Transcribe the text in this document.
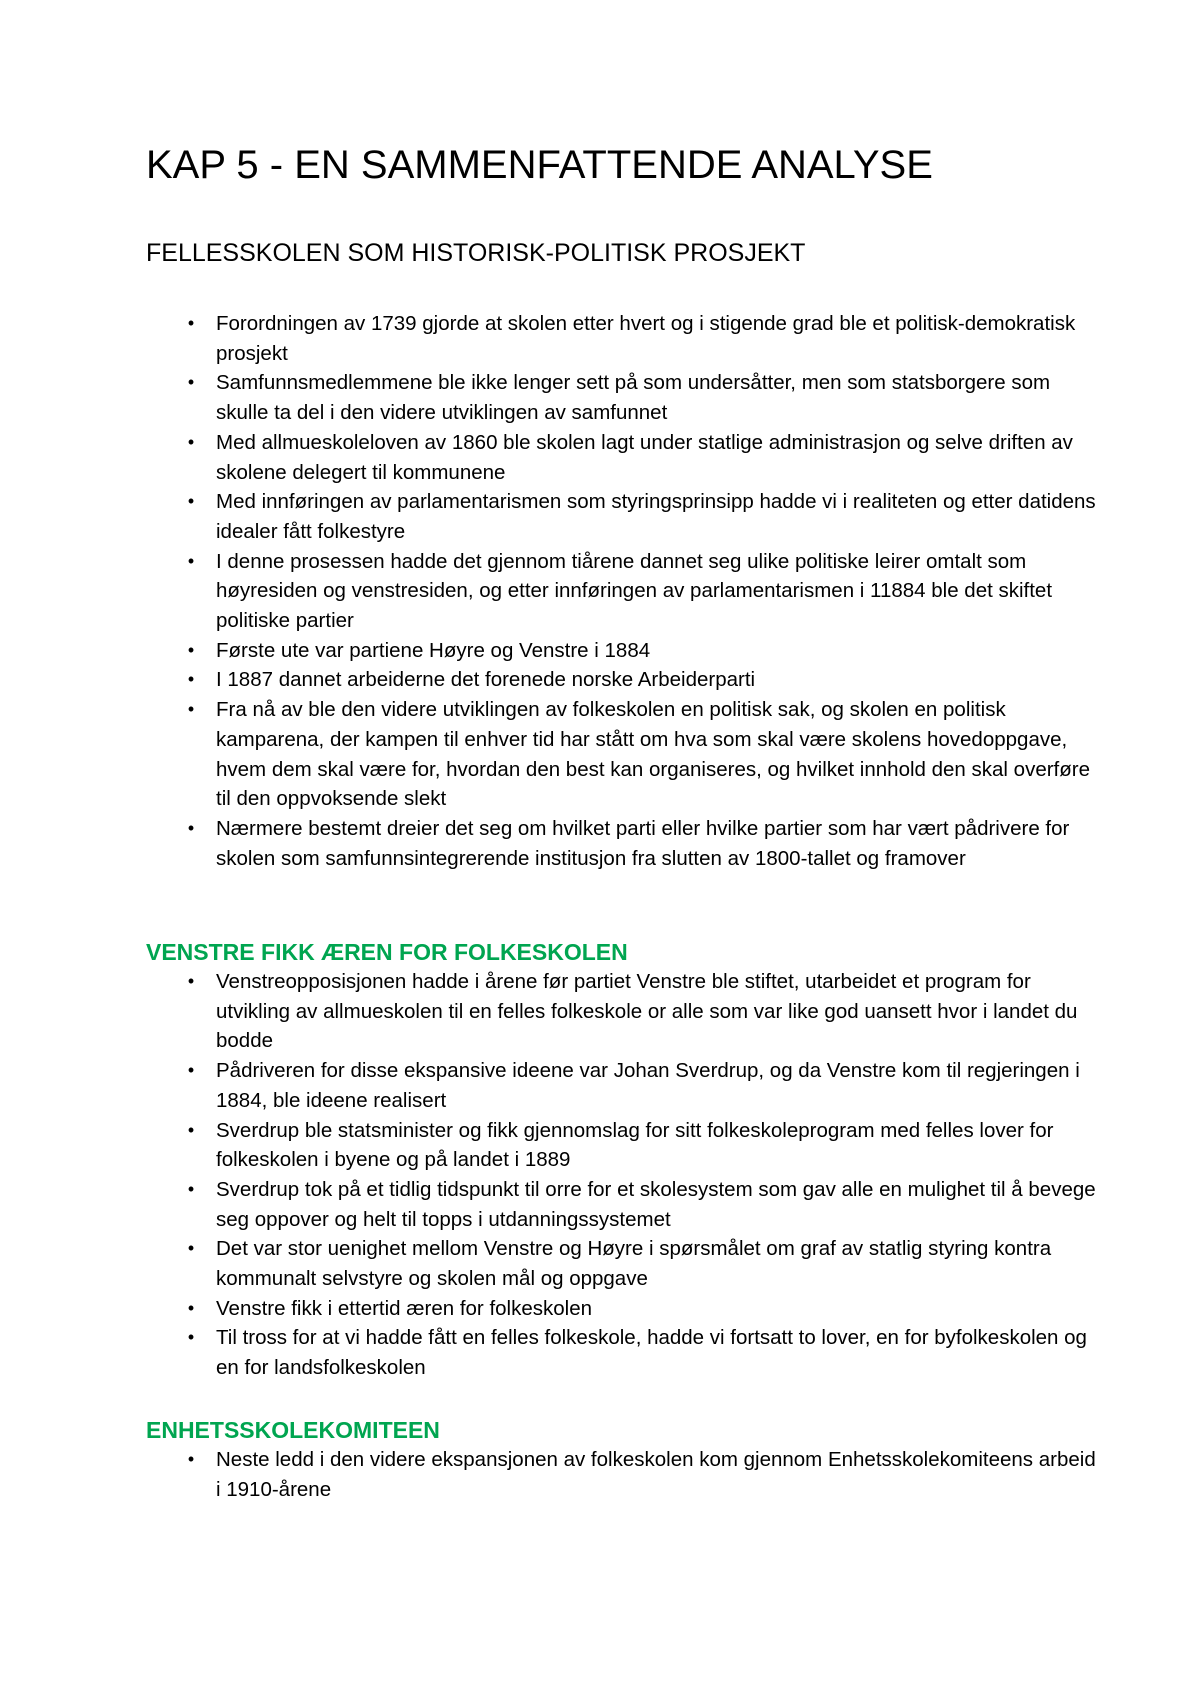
KAP 5 - EN SAMMENFATTENDE ANALYSE
FELLESSKOLEN SOM HISTORISK-POLITISK PROSJEKT
• Forordningen av 1739 gjorde at skolen etter hvert og i stigende grad ble et politisk-demokratisk prosjekt
• Samfunnsmedlemmene ble ikke lenger sett på som undersåtter, men som statsborgere som skulle ta del i den videre utviklingen av samfunnet
• Med allmueskoleloven av 1860 ble skolen lagt under statlige administrasjon og selve driften av skolene delegert til kommunene
• Med innføringen av parlamentarismen som styringsprinsipp hadde vi i realiteten og etter datidens idealer fått folkestyre
• I denne prosessen hadde det gjennom tiårene dannet seg ulike politiske leirer omtalt som høyresiden og venstresiden, og etter innføringen av parlamentarismen i 11884 ble det skiftet politiske partier
• Første ute var partiene Høyre og Venstre i 1884
• I 1887 dannet arbeiderne det forenede norske Arbeiderparti
• Fra nå av ble den videre utviklingen av folkeskolen en politisk sak, og skolen en politisk kamparena, der kampen til enhver tid har stått om hva som skal være skolens hovedoppgave, hvem dem skal være for, hvordan den best kan organiseres, og hvilket innhold den skal overføre til den oppvoksende slekt
• Nærmere bestemt dreier det seg om hvilket parti eller hvilke partier som har vært pådrivere for skolen som samfunnsintegrerende institusjon fra slutten av 1800-tallet og framover
VENSTRE FIKK ÆREN FOR FOLKESKOLEN
• Venstreopposisjonen hadde i årene før partiet Venstre ble stiftet, utarbeidet et program for utvikling av allmueskolen til en felles folkeskole or alle som var like god uansett hvor i landet du bodde
• Pådriveren for disse ekspansive ideene var Johan Sverdrup, og da Venstre kom til regjeringen i 1884, ble ideene realisert
• Sverdrup ble statsminister og fikk gjennomslag for sitt folkeskoleprogram med felles lover for folkeskolen i byene og på landet i 1889
• Sverdrup tok på et tidlig tidspunkt til orre for et skolesystem som gav alle en mulighet til å bevege seg oppover og helt til topps i utdanningssystemet
• Det var stor uenighet mellom Venstre og Høyre i spørsmålet om graf av statlig styring kontra kommunalt selvstyre og skolen mål og oppgave
• Venstre fikk i ettertid æren for folkeskolen
• Til tross for at vi hadde fått en felles folkeskole, hadde vi fortsatt to lover, en for byfolkeskolen og en for landsfolkeskolen
ENHETSSKOLEKOMITEEN
• Neste ledd i den videre ekspansjonen av folkeskolen kom gjennom Enhetsskolekomiteens arbeid i 1910-årene
